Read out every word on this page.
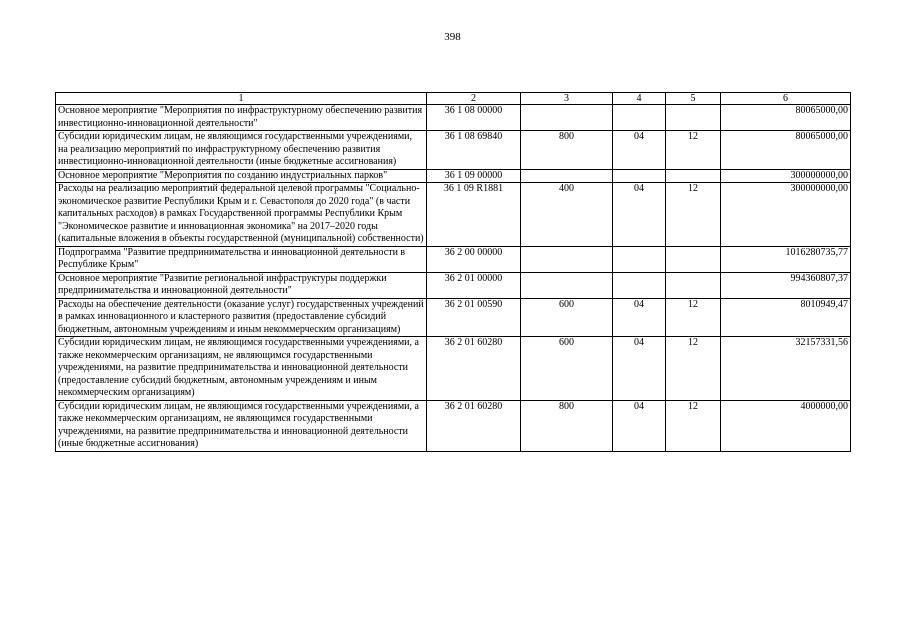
398
1	2	3	4	5	6
Основное мероприятие "Мероприятия по инфраструктурному обеспечению развития инвестиционно-инновационной деятельности"	36 1 08 00000				80065000,00
Субсидии юридическим лицам, не являющимся государственными учреждениями, на реализацию мероприятий по инфраструктурному обеспечению развития инвестиционно-инновационной деятельности (иные бюджетные ассигнования)	36 1 08 69840	800	04	12	80065000,00
Основное мероприятие "Мероприятия по созданию индустриальных парков"	36 1 09 00000				300000000,00
Расходы на реализацию мероприятий федеральной целевой программы "Социально-экономическое развитие Республики Крым и г. Севастополя до 2020 года" (в части капитальных расходов) в рамках Государственной программы Республики Крым "Экономическое развитие и инновационная экономика" на 2017–2020 годы (капитальные вложения в объекты государственной (муниципальной) собственности)	36 1 09 R1881	400	04	12	300000000,00
Подпрограмма "Развитие предпринимательства и инновационной деятельности в Республике Крым"	36 2 00 00000				1016280735,77
Основное мероприятие "Развитие региональной инфраструктуры поддержки предпринимательства и инновационной деятельности"	36 2 01 00000				994360807,37
Расходы на обеспечение деятельности (оказание услуг) государственных учреждений в рамках инновационного и кластерного развития (предоставление субсидий бюджетным, автономным учреждениям и иным некоммерческим организациям)	36 2 01 00590	600	04	12	8010949,47
Субсидии юридическим лицам, не являющимся государственными учреждениями, а также некоммерческим организациям, не являющимся государственными учреждениями, на развитие предпринимательства и инновационной деятельности (предоставление субсидий бюджетным, автономным учреждениям и иным некоммерческим организациям)	36 2 01 60280	600	04	12	32157331,56
Субсидии юридическим лицам, не являющимся государственными учреждениями, а также некоммерческим организациям, не являющимся государственными учреждениями, на развитие предпринимательства и инновационной деятельности (иные бюджетные ассигнования)	36 2 01 60280	800	04	12	4000000,00
